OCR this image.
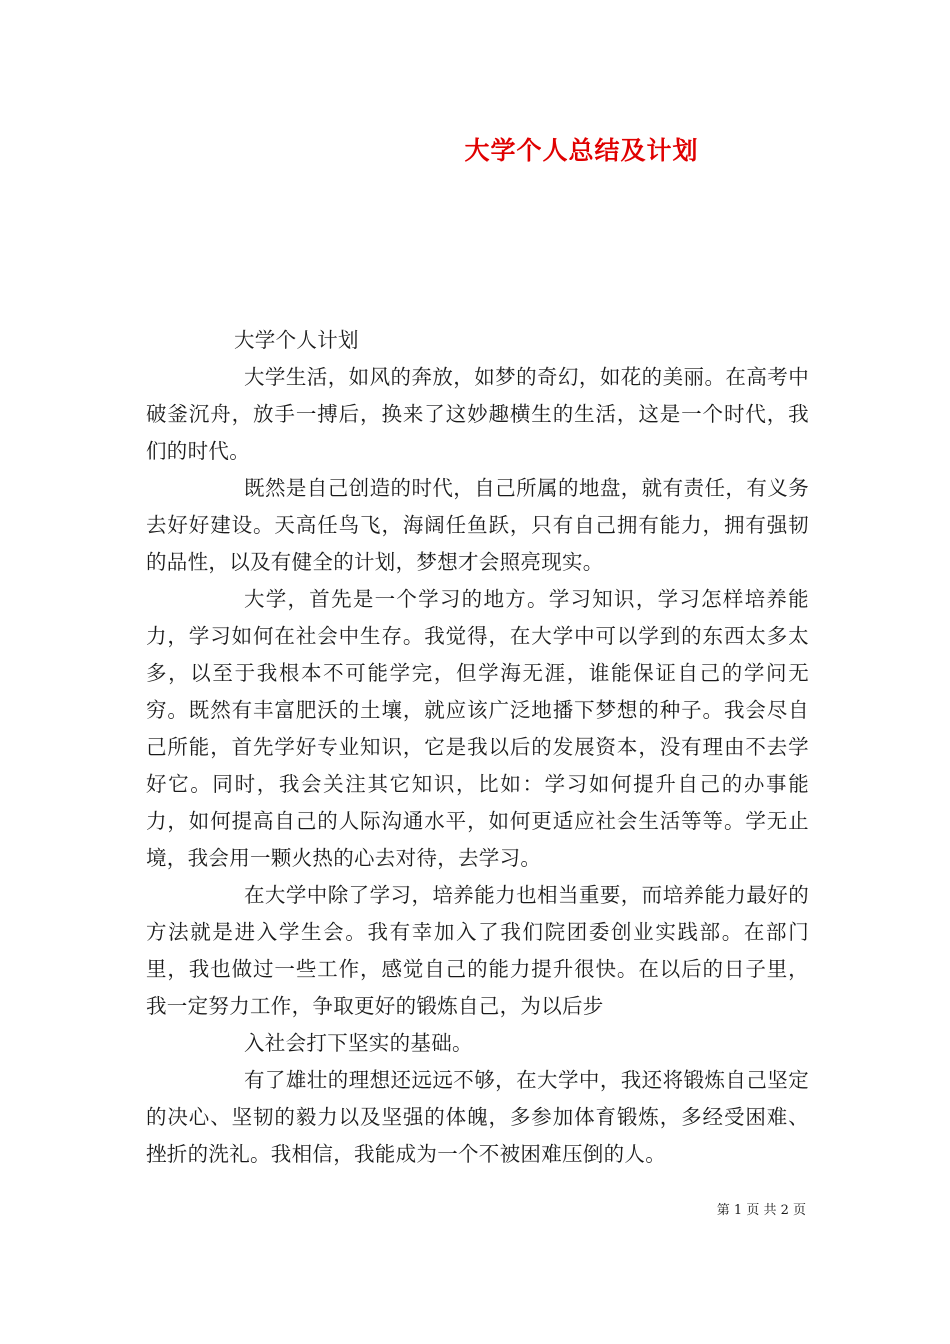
大学个人总结及计划

大学个人计划

大学生活，如风的奔放，如梦的奇幻，如花的美丽。在高考中破釜沉舟，放手一搏后，换来了这妙趣横生的生活，这是一个时代，我们的时代。

既然是自己创造的时代，自己所属的地盘，就有责任，有义务去好好建设。天高任鸟飞，海阔任鱼跃，只有自己拥有能力，拥有强韧的品性，以及有健全的计划，梦想才会照亮现实。

大学，首先是一个学习的地方。学习知识，学习怎样培养能力，学习如何在社会中生存。我觉得，在大学中可以学到的东西太多太多，以至于我根本不可能学完，但学海无涯，谁能保证自己的学问无穷。既然有丰富肥沃的土壤，就应该广泛地播下梦想的种子。我会尽自己所能，首先学好专业知识，它是我以后的发展资本，没有理由不去学好它。同时，我会关注其它知识，比如：学习如何提升自己的办事能力，如何提高自己的人际沟通水平，如何更适应社会生活等等。学无止境，我会用一颗火热的心去对待，去学习。

在大学中除了学习，培养能力也相当重要，而培养能力最好的方法就是进入学生会。我有幸加入了我们院团委创业实践部。在部门里，我也做过一些工作，感觉自己的能力提升很快。在以后的日子里，我一定努力工作，争取更好的锻炼自己，为以后步

入社会打下坚实的基础。

有了雄壮的理想还远远不够，在大学中，我还将锻炼自己坚定的决心、坚韧的毅力以及坚强的体魄，多参加体育锻炼，多经受困难、挫折的洗礼。我相信，我能成为一个不被困难压倒的人。

第 1 页 共 2 页
